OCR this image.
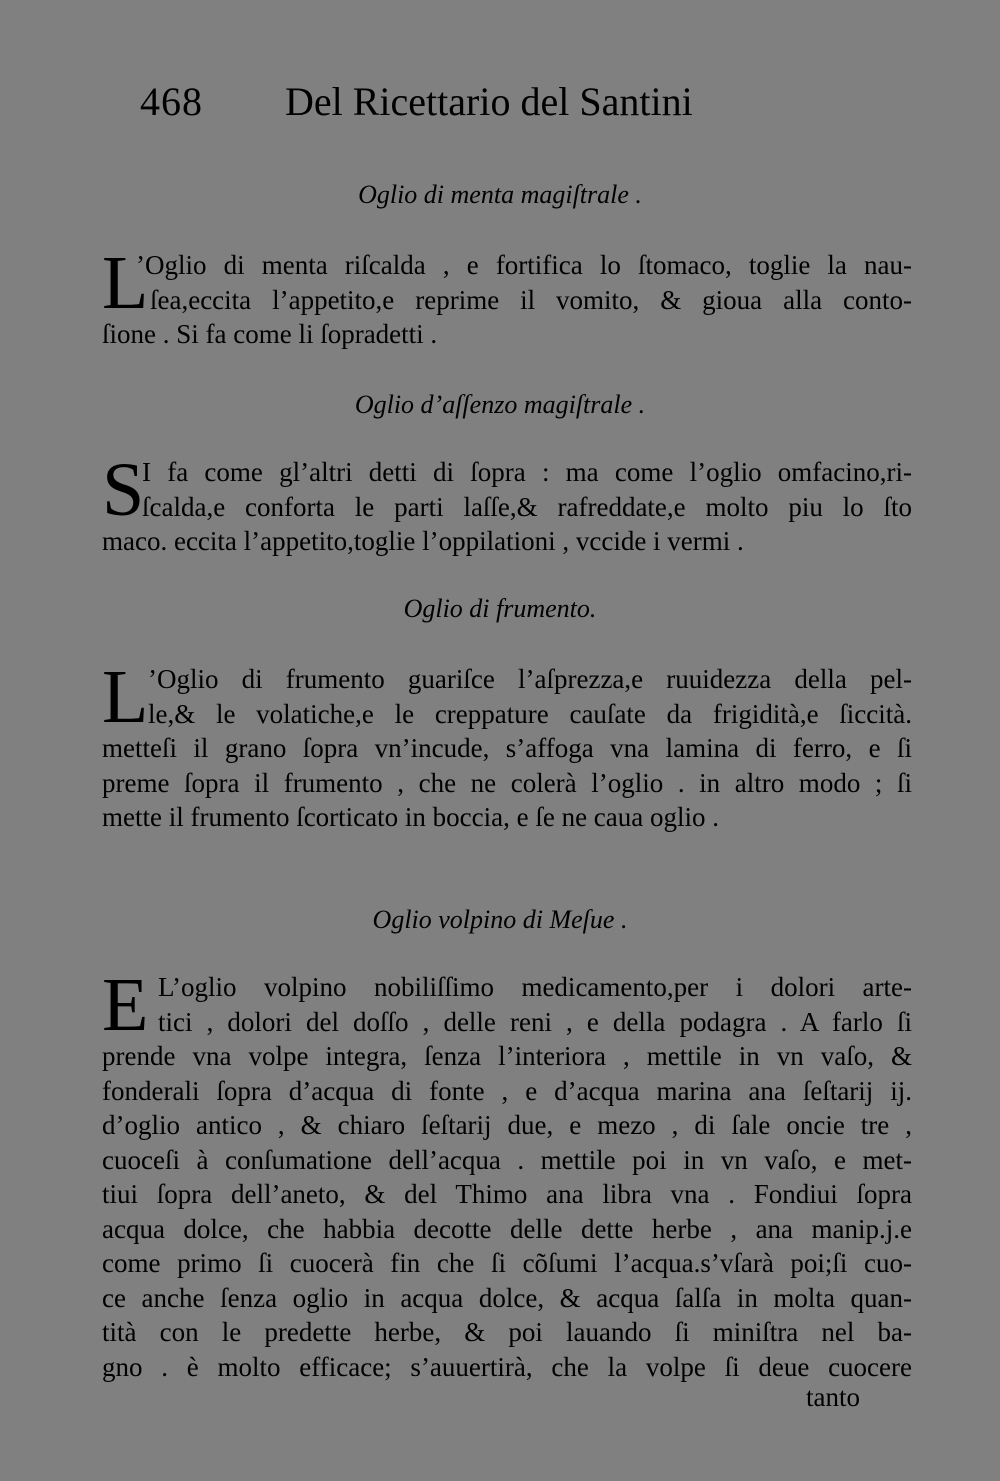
468 Del Ricettario del Santini
Oglio di menta magiſtrale .
L
’Oglio di menta riſcalda , e fortifica lo ſtomaco, toglie la nau-
ſea,eccita l’appetito,e reprime il vomito, & gioua alla conto-
ſione . Si fa come li ſopradetti .
Oglio d’aſſenzo magiſtrale .
S
I fa come gl’altri detti di ſopra : ma come l’oglio omfacino,ri-
ſcalda,e conforta le parti laſſe,& rafreddate,e molto piu lo ſto
maco. eccita l’appetito,toglie l’oppilationi , vccide i vermi .
Oglio di frumento.
L ’Oglio di frumento guariſce l’aſprezza,e ruuidezza della pel-
le,& le volatiche,e le creppature cauſate da frigidità,e ſiccità.
metteſi il grano ſopra vn’incude, s’affoga vna lamina di ferro, e ſi
preme ſopra il frumento , che ne colerà l’oglio . in altro modo ; ſi
mette il frumento ſcorticato in boccia, e ſe ne caua oglio .
Oglio volpino di Meſue .
E L’oglio volpino nobiliſſimo medicamento,per i dolori arte-
tici , dolori del doſſo , delle reni , e della podagra . A farlo ſi
prende vna volpe integra, ſenza l’interiora , mettile in vn vaſo, &
fonderali ſopra d’acqua di fonte , e d’acqua marina ana ſeſtarij ij.
d’oglio antico , & chiaro ſeſtarij due, e mezo , di ſale oncie tre ,
cuoceſi à conſumatione dell’acqua . mettile poi in vn vaſo, e met-
tiui ſopra dell’aneto, & del Thimo ana libra vna . Fondiui ſopra
acqua dolce, che habbia decotte delle dette herbe , ana manip.j.e
come primo ſi cuocerà fin che ſi cõſumi l’acqua.s’vſarà poi;ſi cuo-
ce anche ſenza oglio in acqua dolce, & acqua ſalſa in molta quan-
tità con le predette herbe, & poi lauando ſi miniſtra nel ba-
gno . è molto efficace; s’auuertirà, che la volpe ſi deue cuocere
tanto
